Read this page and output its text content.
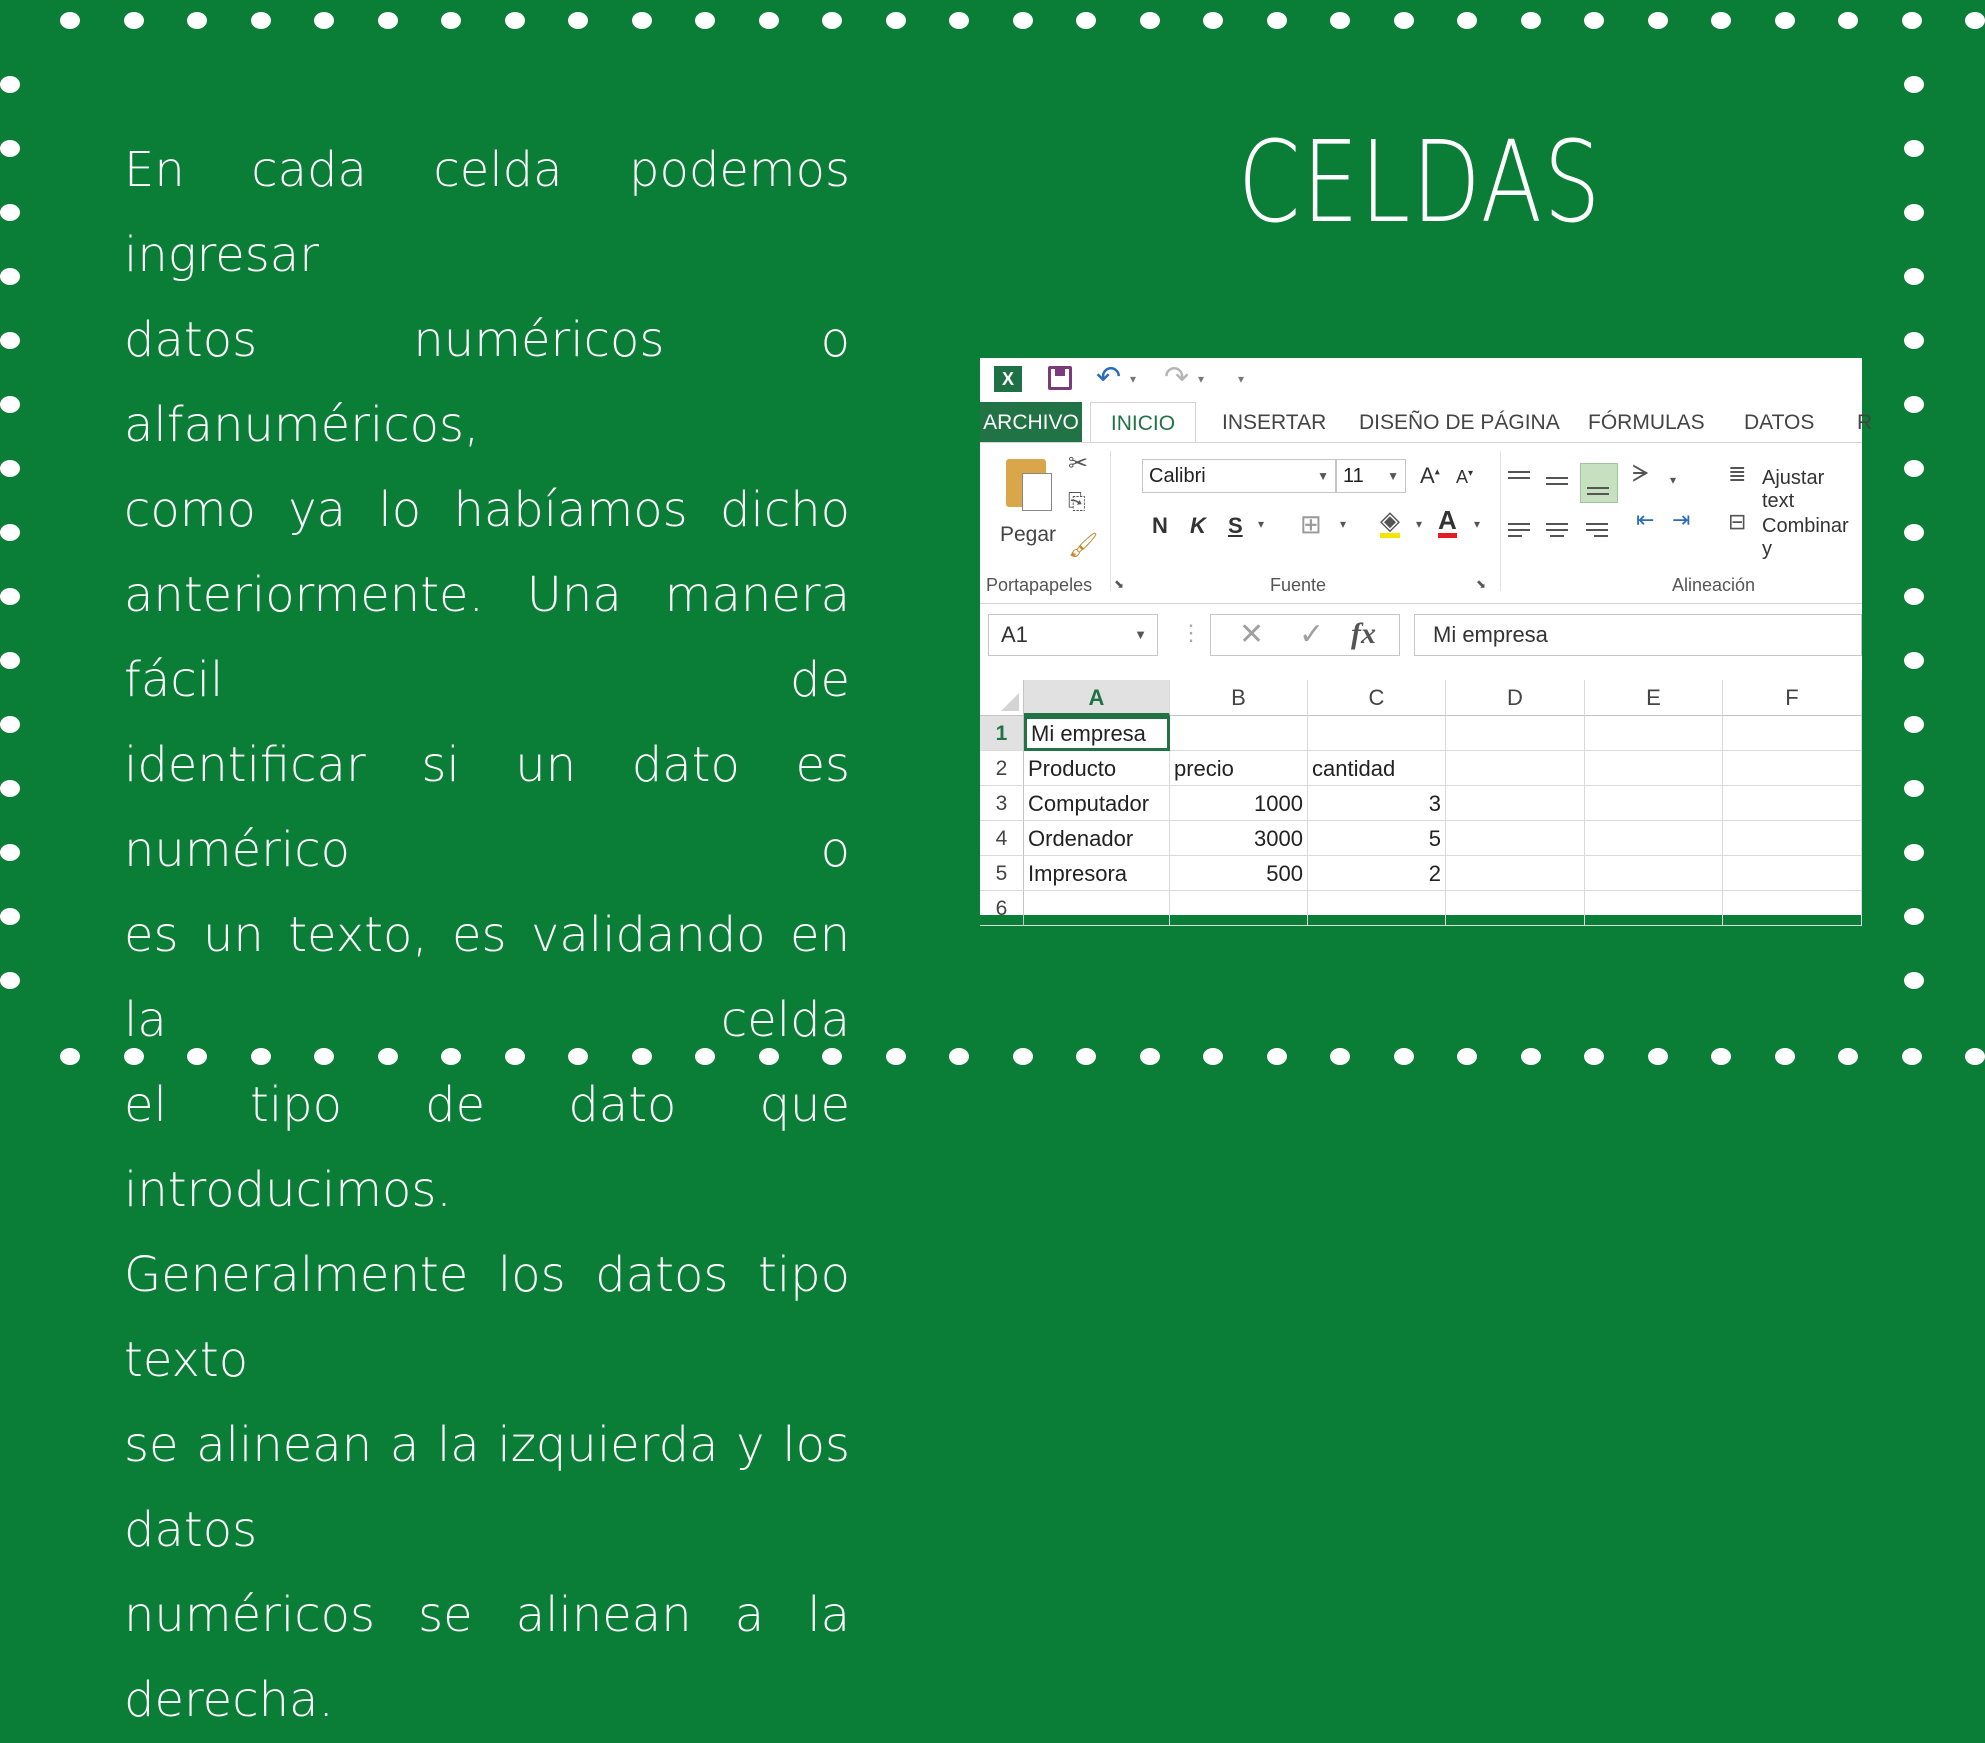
CELDAS
En cada celda podemos ingresar
datos numéricos o alfanuméricos,
como ya lo habíamos dicho
anteriormente. Una manera fácil de
identificar si un dato es numérico o
es un texto, es validando en la celda
el tipo de dato que introducimos.
Generalmente los datos tipo texto
se alinean a la izquierda y los datos
numéricos se alinean a la derecha.
X	↶ ▾ ↷ ▾	▾
ARCHIVO	INICIO	INSERTAR DISEÑO DE PÁGINA FÓRMULAS DATOS R
Pegar
✂
⎘
🖌
Calibri	▼ 11 ▼ A▴ A▾
N K S ▾ ⊞ ▾ ◈ ▾ A ▾
ᗒ ▾
⇤ ⇥
≣ Ajustar text
⊟ Combinar y
Portapapeles ⬊	Fuente	⬊	Alineación
A1	▼ ⋮ ✕ ✓ fx	Mi empresa
A	B	C	D	E	F
1	Mi empresa
2 Producto	precio	cantidad
3 Computador	1000	3
4 Ordenador	3000	5
5 Impresora	500	2
6
